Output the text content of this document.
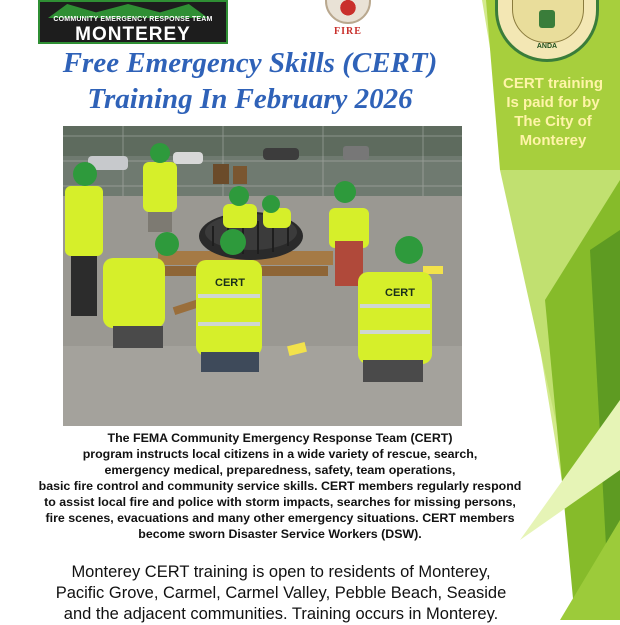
COMMUNITY EMERGENCY RESPONSE TEAM
MONTEREY	FIRE
ANDA
Free Emergency Skills (CERT)
Training In February 2026	CERT training
Is paid for by
The City of
Monterey
CERT
CERT
The FEMA Community Emergency Response Team (CERT)
program instructs local citizens in a wide variety of rescue, search,
emergency medical, preparedness, safety, team operations,
basic fire control and community service skills. CERT members regularly respond
to assist local fire and police with storm impacts, searches for missing persons,
fire scenes, evacuations and many other emergency situations. CERT members
become sworn Disaster Service Workers (DSW).
Monterey CERT training is open to residents of Monterey,
Pacific Grove, Carmel, Carmel Valley, Pebble Beach, Seaside
and the adjacent communities. Training occurs in Monterey.
